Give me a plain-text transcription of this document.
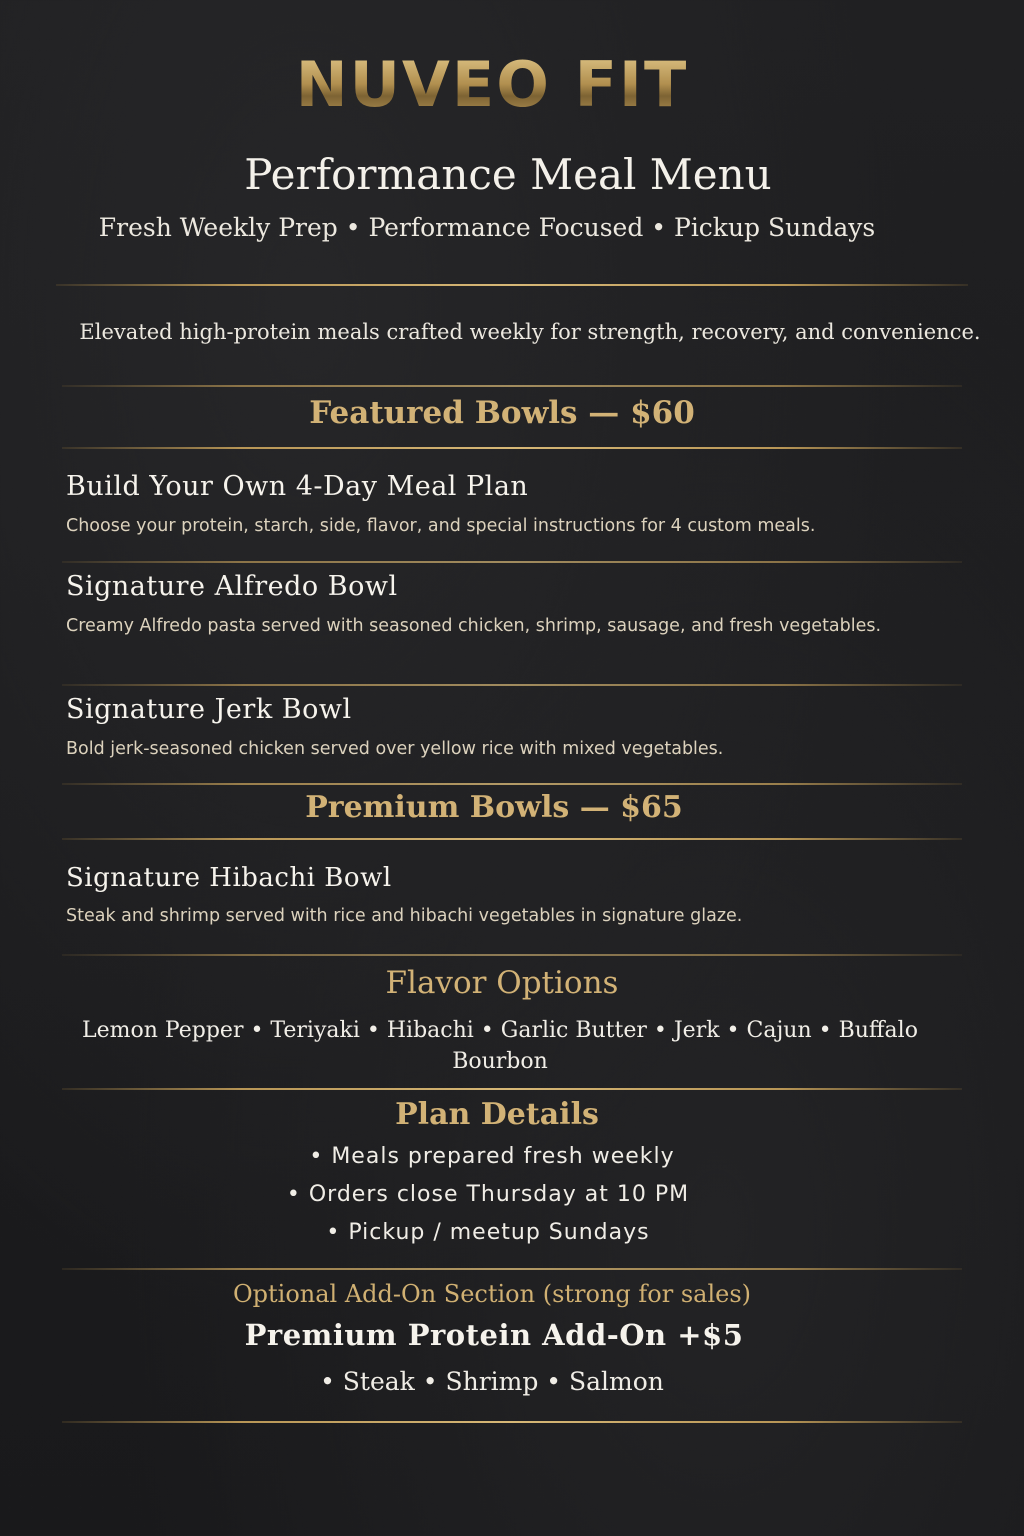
NUVEO FIT
Performance Meal Menu
Fresh Weekly Prep • Performance Focused • Pickup Sundays
Elevated high-protein meals crafted weekly for strength, recovery, and convenience.
Featured Bowls — $60
Build Your Own 4-Day Meal Plan
Choose your protein, starch, side, flavor, and special instructions for 4 custom meals.
Signature Alfredo Bowl
Creamy Alfredo pasta served with seasoned chicken, shrimp, sausage, and fresh vegetables.
Signature Jerk Bowl
Bold jerk-seasoned chicken served over yellow rice with mixed vegetables.
Premium Bowls — $65
Signature Hibachi Bowl
Steak and shrimp served with rice and hibachi vegetables in signature glaze.
Flavor Options
Lemon Pepper • Teriyaki • Hibachi • Garlic Butter • Jerk • Cajun • Buffalo Bourbon
Plan Details
• Meals prepared fresh weekly
• Orders close Thursday at 10 PM
• Pickup / meetup Sundays
Optional Add-On Section (strong for sales)
Premium Protein Add-On +$5
• Steak • Shrimp • Salmon
